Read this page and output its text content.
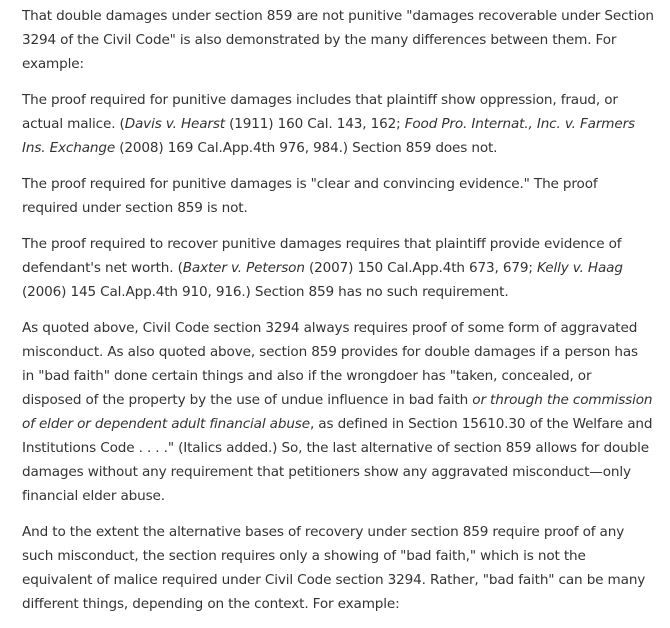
That double damages under section 859 are not punitive "damages recoverable under Section 3294 of the Civil Code" is also demonstrated by the many differences between them. For example:

The proof required for punitive damages includes that plaintiff show oppression, fraud, or actual malice. (Davis v. Hearst (1911) 160 Cal. 143, 162; Food Pro. Internat., Inc. v. Farmers Ins. Exchange (2008) 169 Cal.App.4th 976, 984.) Section 859 does not.

The proof required for punitive damages is "clear and convincing evidence." The proof required under section 859 is not.

The proof required to recover punitive damages requires that plaintiff provide evidence of defendant's net worth. (Baxter v. Peterson (2007) 150 Cal.App.4th 673, 679; Kelly v. Haag (2006) 145 Cal.App.4th 910, 916.) Section 859 has no such requirement.

As quoted above, Civil Code section 3294 always requires proof of some form of aggravated misconduct. As also quoted above, section 859 provides for double damages if a person has in "bad faith" done certain things and also if the wrongdoer has "taken, concealed, or disposed of the property by the use of undue influence in bad faith or through the commission of elder or dependent adult financial abuse, as defined in Section 15610.30 of the Welfare and Institutions Code . . . ." (Italics added.) So, the last alternative of section 859 allows for double damages without any requirement that petitioners show any aggravated misconduct—only financial elder abuse.

And to the extent the alternative bases of recovery under section 859 require proof of any such misconduct, the section requires only a showing of "bad faith," which is not the equivalent of malice required under Civil Code section 3294. Rather, "bad faith" can be many different things, depending on the context. For example:
